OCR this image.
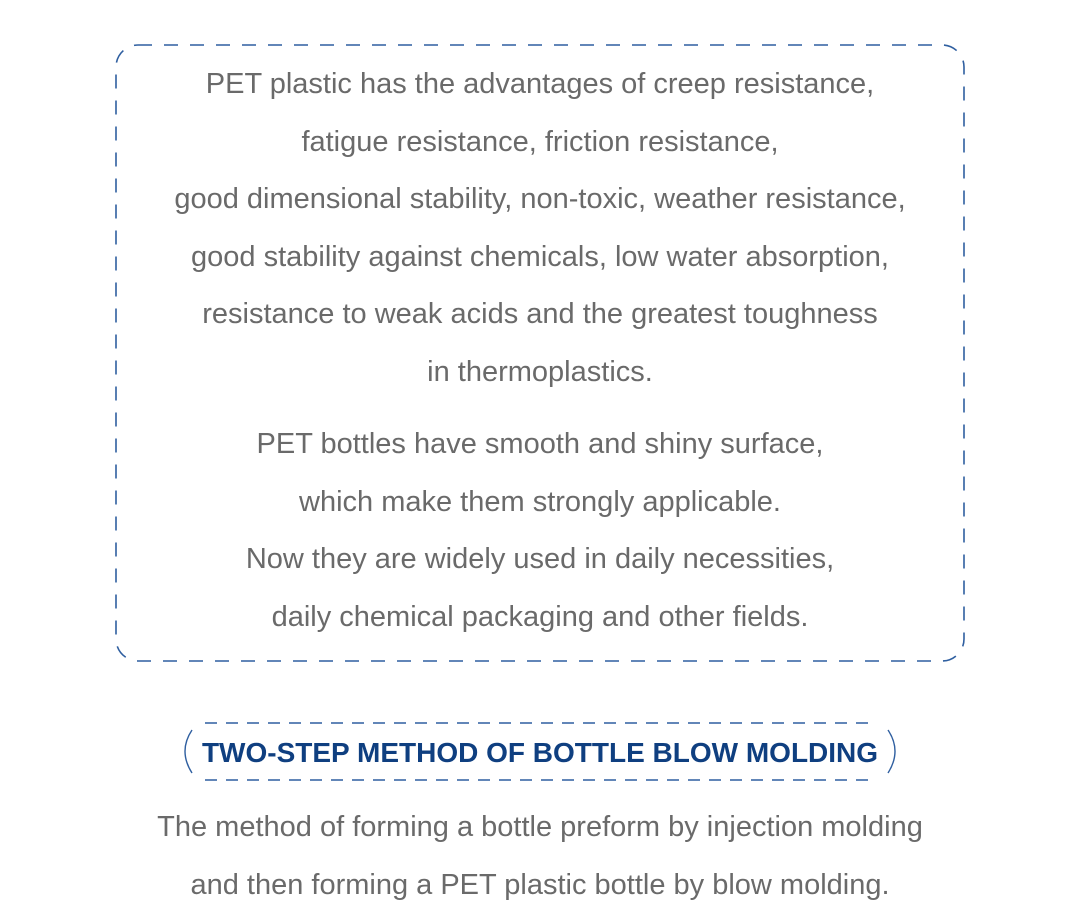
PET plastic has the advantages of creep resistance,
fatigue resistance, friction resistance,
good dimensional stability, non-toxic, weather resistance,
good stability against chemicals, low water absorption,
resistance to weak acids and the greatest toughness
in thermoplastics.
PET bottles have smooth and shiny surface,
which make them strongly applicable.
Now they are widely used in daily necessities,
daily chemical packaging and other fields.
TWO-STEP METHOD OF BOTTLE BLOW MOLDING
The method of forming a bottle preform by injection molding
and then forming a PET plastic bottle by blow molding.
